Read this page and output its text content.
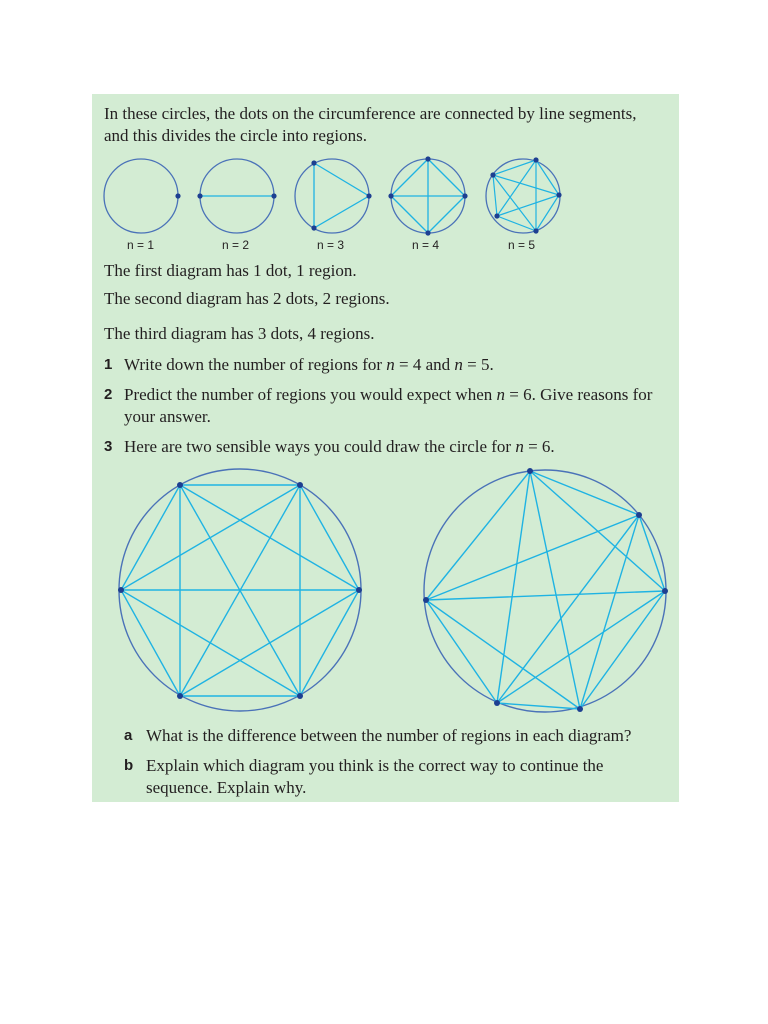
In these circles, the dots on the circumference are connected by line segments, and this divides the circle into regions.
n = 1	n = 2	n = 3	n = 4	n = 5
The first diagram has 1 dot, 1 region.
The second diagram has 2 dots, 2 regions.
The third diagram has 3 dots, 4 regions.
1 Write down the number of regions for n = 4 and n = 5.
2 Predict the number of regions you would expect when n = 6. Give reasons for your answer.
3 Here are two sensible ways you could draw the circle for n = 6.
a What is the difference between the number of regions in each diagram?
b Explain which diagram you think is the correct way to continue the sequence. Explain why.
